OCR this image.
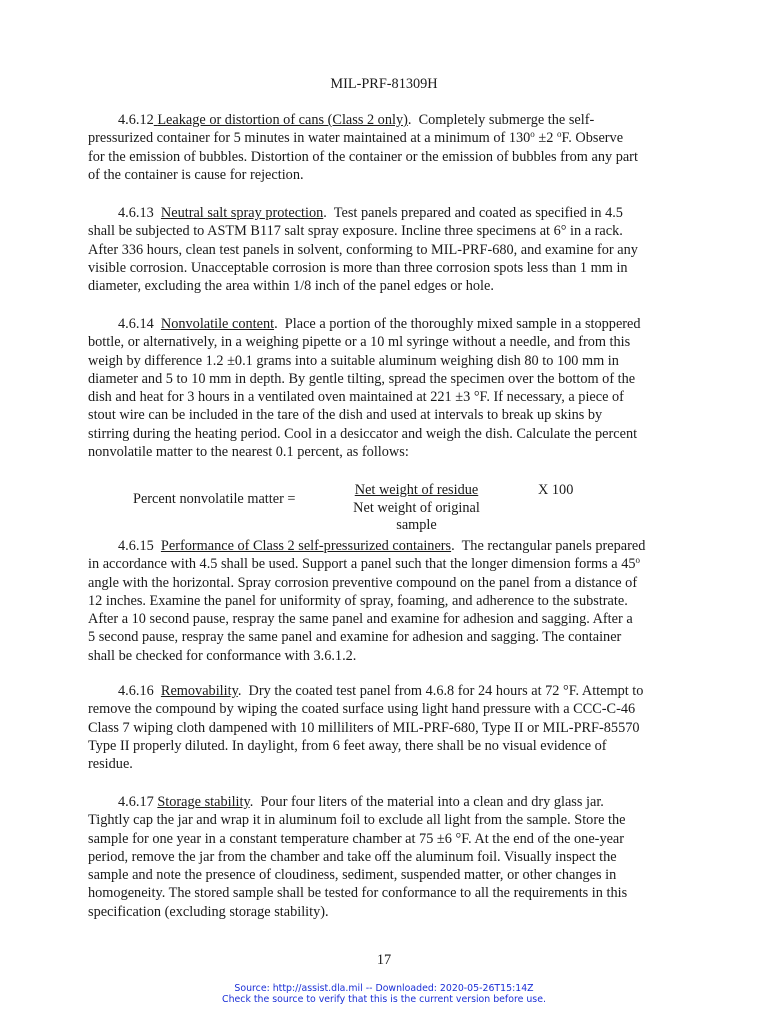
MIL-PRF-81309H
4.6.12 Leakage or distortion of cans (Class 2 only).  Completely submerge the self-
pressurized container for 5 minutes in water maintained at a minimum of $130^o \pm 2$ $^o$F. Observe
for the emission of bubbles. Distortion of the container or the emission of bubbles from any part
of the container is cause for rejection.
4.6.13 Neutral salt spray protection.  Test panels prepared and coated as specified in 4.5
shall be subjected to ASTM B117 salt spray exposure. Incline three specimens at 6° in a rack.
After 336 hours, clean test panels in solvent, conforming to MIL-PRF-680, and examine for any
visible corrosion. Unacceptable corrosion is more than three corrosion spots less than 1 mm in
diameter, excluding the area within 1/8 inch of the panel edges or hole.
4.6.14 Nonvolatile content.  Place a portion of the thoroughly mixed sample in a stoppered
bottle, or alternatively, in a weighing pipette or a 10 ml syringe without a needle, and from this
weigh by difference 1.2 ±0.1 grams into a suitable aluminum weighing dish 80 to 100 mm in
diameter and 5 to 10 mm in depth. By gentle tilting, spread the specimen over the bottom of the
dish and heat for 3 hours in a ventilated oven maintained at 221 ±3 °F. If necessary, a piece of
stout wire can be included in the tare of the dish and used at intervals to break up skins by
stirring during the heating period. Cool in a desiccator and weigh the dish. Calculate the percent
nonvolatile matter to the nearest 0.1 percent, as follows:
Percent nonvolatile matter =
Net weight of residue
Net weight of original sample
X 100
4.6.15 Performance of Class 2 self-pressurized containers.  The rectangular panels prepared
in accordance with 4.5 shall be used. Support a panel such that the longer dimension forms a 45$^o$
angle with the horizontal. Spray corrosion preventive compound on the panel from a distance of
12 inches. Examine the panel for uniformity of spray, foaming, and adherence to the substrate.
After a 10 second pause, respray the same panel and examine for adhesion and sagging. After a
5 second pause, respray the same panel and examine for adhesion and sagging. The container
shall be checked for conformance with 3.6.1.2.
4.6.16 Removability.  Dry the coated test panel from 4.6.8 for 24 hours at 72 °F. Attempt to
remove the compound by wiping the coated surface using light hand pressure with a CCC-C-46
Class 7 wiping cloth dampened with 10 milliliters of MIL-PRF-680, Type II or MIL-PRF-85570
Type II properly diluted. In daylight, from 6 feet away, there shall be no visual evidence of
residue.
4.6.17 Storage stability.  Pour four liters of the material into a clean and dry glass jar.
Tightly cap the jar and wrap it in aluminum foil to exclude all light from the sample. Store the
sample for one year in a constant temperature chamber at 75 ±6 °F. At the end of the one-year
period, remove the jar from the chamber and take off the aluminum foil. Visually inspect the
sample and note the presence of cloudiness, sediment, suspended matter, or other changes in
homogeneity. The stored sample shall be tested for conformance to all the requirements in this
specification (excluding storage stability).
17
Source: http://assist.dla.mil -- Downloaded: 2020-05-26T15:14Z
Check the source to verify that this is the current version before use.
